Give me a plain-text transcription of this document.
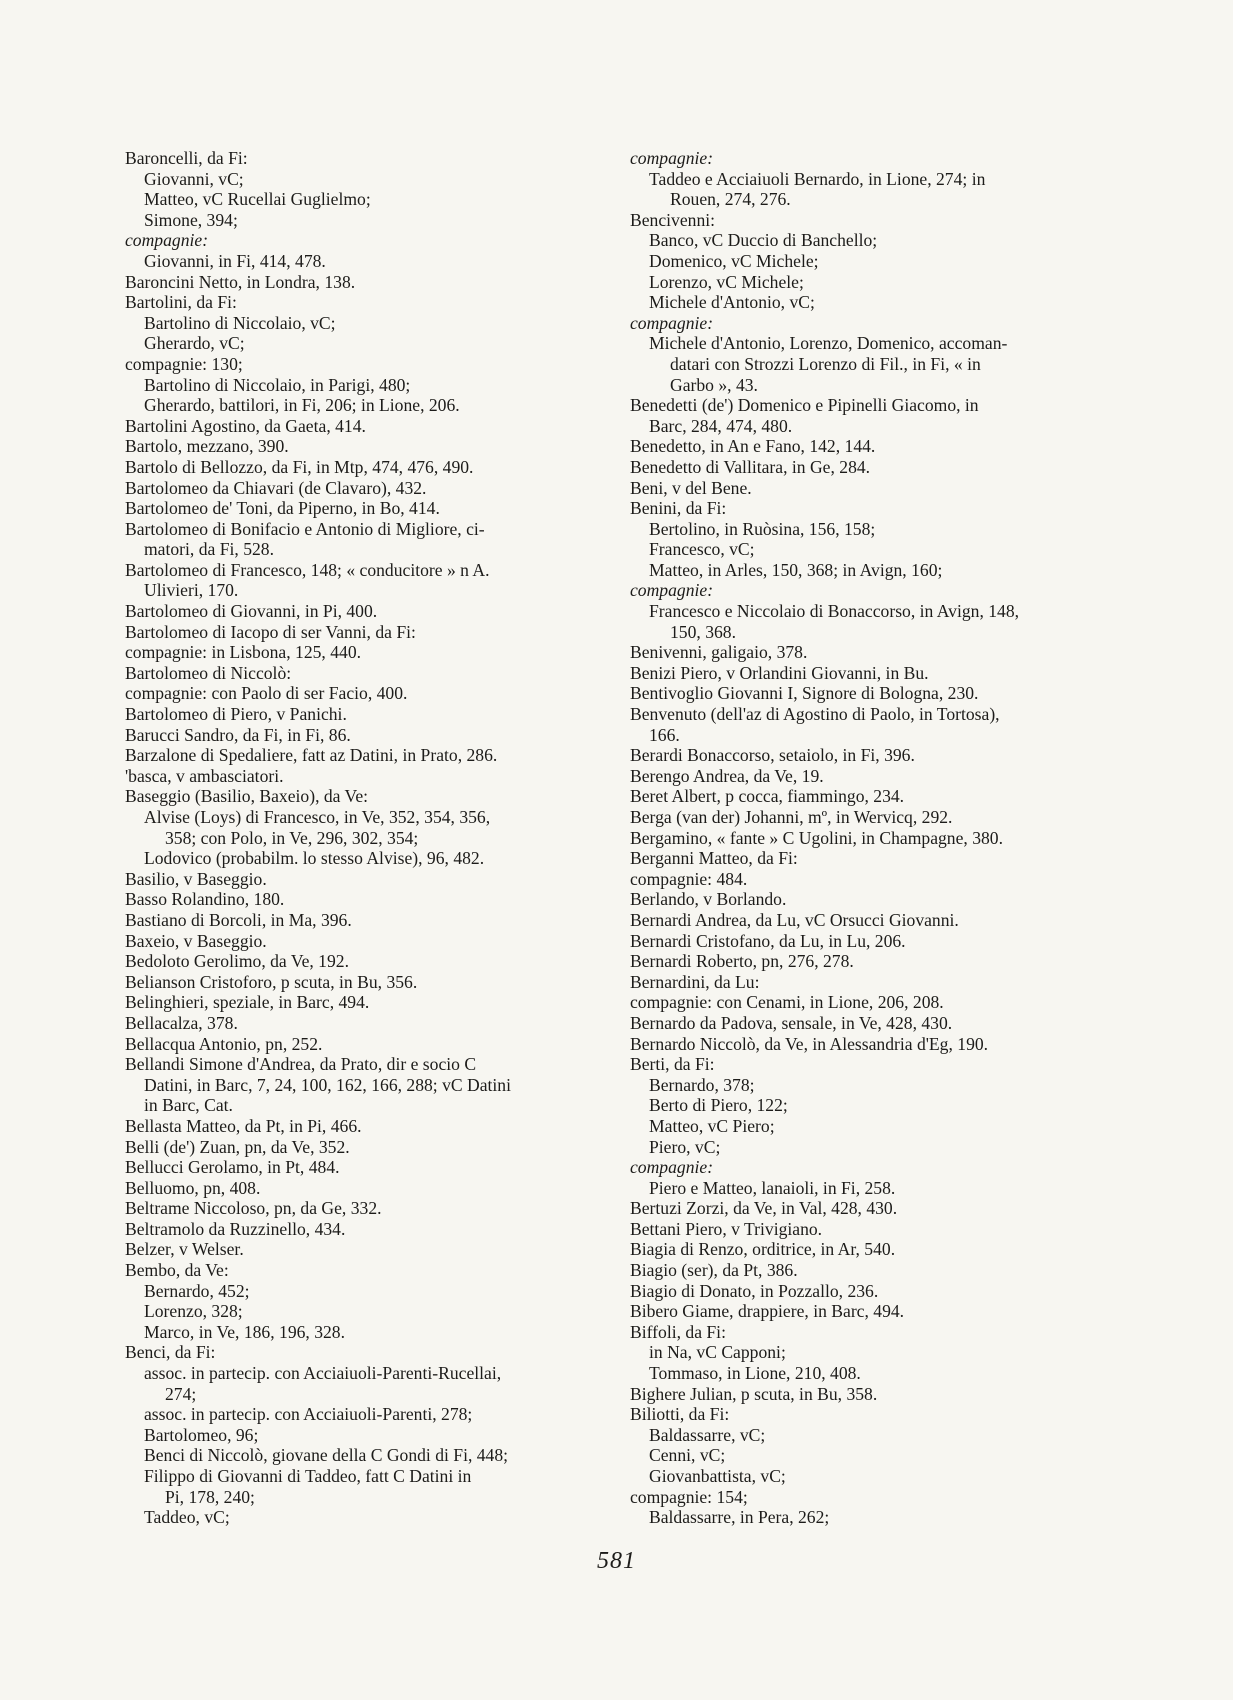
Baroncelli, da Fi:
Giovanni, vC;
Matteo, vC Rucellai Guglielmo;
Simone, 394;
compagnie:
Giovanni, in Fi, 414, 478.
Baroncini Netto, in Londra, 138.
Bartolini, da Fi:
Bartolino di Niccolaio, vC;
Gherardo, vC;
compagnie: 130;
Bartolino di Niccolaio, in Parigi, 480;
Gherardo, battilori, in Fi, 206; in Lione, 206.
Bartolini Agostino, da Gaeta, 414.
Bartolo, mezzano, 390.
Bartolo di Bellozzo, da Fi, in Mtp, 474, 476, 490.
Bartolomeo da Chiavari (de Clavaro), 432.
Bartolomeo de' Toni, da Piperno, in Bo, 414.
Bartolomeo di Bonifacio e Antonio di Migliore, ci-
matori, da Fi, 528.
Bartolomeo di Francesco, 148; « conducitore » n A.
Ulivieri, 170.
Bartolomeo di Giovanni, in Pi, 400.
Bartolomeo di Iacopo di ser Vanni, da Fi:
compagnie: in Lisbona, 125, 440.
Bartolomeo di Niccolò:
compagnie: con Paolo di ser Facio, 400.
Bartolomeo di Piero, v Panichi.
Barucci Sandro, da Fi, in Fi, 86.
Barzalone di Spedaliere, fatt az Datini, in Prato, 286.
'basca, v ambasciatori.
Baseggio (Basilio, Baxeio), da Ve:
Alvise (Loys) di Francesco, in Ve, 352, 354, 356,
358; con Polo, in Ve, 296, 302, 354;
Lodovico (probabilm. lo stesso Alvise), 96, 482.
Basilio, v Baseggio.
Basso Rolandino, 180.
Bastiano di Borcoli, in Ma, 396.
Baxeio, v Baseggio.
Bedoloto Gerolimo, da Ve, 192.
Belianson Cristoforo, p scuta, in Bu, 356.
Belinghieri, speziale, in Barc, 494.
Bellacalza, 378.
Bellacqua Antonio, pn, 252.
Bellandi Simone d'Andrea, da Prato, dir e socio C
Datini, in Barc, 7, 24, 100, 162, 166, 288; vC Datini
in Barc, Cat.
Bellasta Matteo, da Pt, in Pi, 466.
Belli (de') Zuan, pn, da Ve, 352.
Bellucci Gerolamo, in Pt, 484.
Belluomo, pn, 408.
Beltrame Niccoloso, pn, da Ge, 332.
Beltramolo da Ruzzinello, 434.
Belzer, v Welser.
Bembo, da Ve:
Bernardo, 452;
Lorenzo, 328;
Marco, in Ve, 186, 196, 328.
Benci, da Fi:
assoc. in partecip. con Acciaiuoli-Parenti-Rucellai,
274;
assoc. in partecip. con Acciaiuoli-Parenti, 278;
Bartolomeo, 96;
Benci di Niccolò, giovane della C Gondi di Fi, 448;
Filippo di Giovanni di Taddeo, fatt C Datini in
Pi, 178, 240;
Taddeo, vC;
compagnie:
Taddeo e Acciaiuoli Bernardo, in Lione, 274; in
Rouen, 274, 276.
Bencivenni:
Banco, vC Duccio di Banchello;
Domenico, vC Michele;
Lorenzo, vC Michele;
Michele d'Antonio, vC;
compagnie:
Michele d'Antonio, Lorenzo, Domenico, accoman-
datari con Strozzi Lorenzo di Fil., in Fi, « in
Garbo », 43.
Benedetti (de') Domenico e Pipinelli Giacomo, in
Barc, 284, 474, 480.
Benedetto, in An e Fano, 142, 144.
Benedetto di Vallitara, in Ge, 284.
Beni, v del Bene.
Benini, da Fi:
Bertolino, in Ruòsina, 156, 158;
Francesco, vC;
Matteo, in Arles, 150, 368; in Avign, 160;
compagnie:
Francesco e Niccolaio di Bonaccorso, in Avign, 148,
150, 368.
Benivenni, galigaio, 378.
Benizi Piero, v Orlandini Giovanni, in Bu.
Bentivoglio Giovanni I, Signore di Bologna, 230.
Benvenuto (dell'az di Agostino di Paolo, in Tortosa),
166.
Berardi Bonaccorso, setaiolo, in Fi, 396.
Berengo Andrea, da Ve, 19.
Beret Albert, p cocca, fiammingo, 234.
Berga (van der) Johanni, mº, in Wervicq, 292.
Bergamino, « fante » C Ugolini, in Champagne, 380.
Berganni Matteo, da Fi:
compagnie: 484.
Berlando, v Borlando.
Bernardi Andrea, da Lu, vC Orsucci Giovanni.
Bernardi Cristofano, da Lu, in Lu, 206.
Bernardi Roberto, pn, 276, 278.
Bernardini, da Lu:
compagnie: con Cenami, in Lione, 206, 208.
Bernardo da Padova, sensale, in Ve, 428, 430.
Bernardo Niccolò, da Ve, in Alessandria d'Eg, 190.
Berti, da Fi:
Bernardo, 378;
Berto di Piero, 122;
Matteo, vC Piero;
Piero, vC;
compagnie:
Piero e Matteo, lanaioli, in Fi, 258.
Bertuzi Zorzi, da Ve, in Val, 428, 430.
Bettani Piero, v Trivigiano.
Biagia di Renzo, orditrice, in Ar, 540.
Biagio (ser), da Pt, 386.
Biagio di Donato, in Pozzallo, 236.
Bibero Giame, drappiere, in Barc, 494.
Biffoli, da Fi:
in Na, vC Capponi;
Tommaso, in Lione, 210, 408.
Bighere Julian, p scuta, in Bu, 358.
Biliotti, da Fi:
Baldassarre, vC;
Cenni, vC;
Giovanbattista, vC;
compagnie: 154;
Baldassarre, in Pera, 262;
581
